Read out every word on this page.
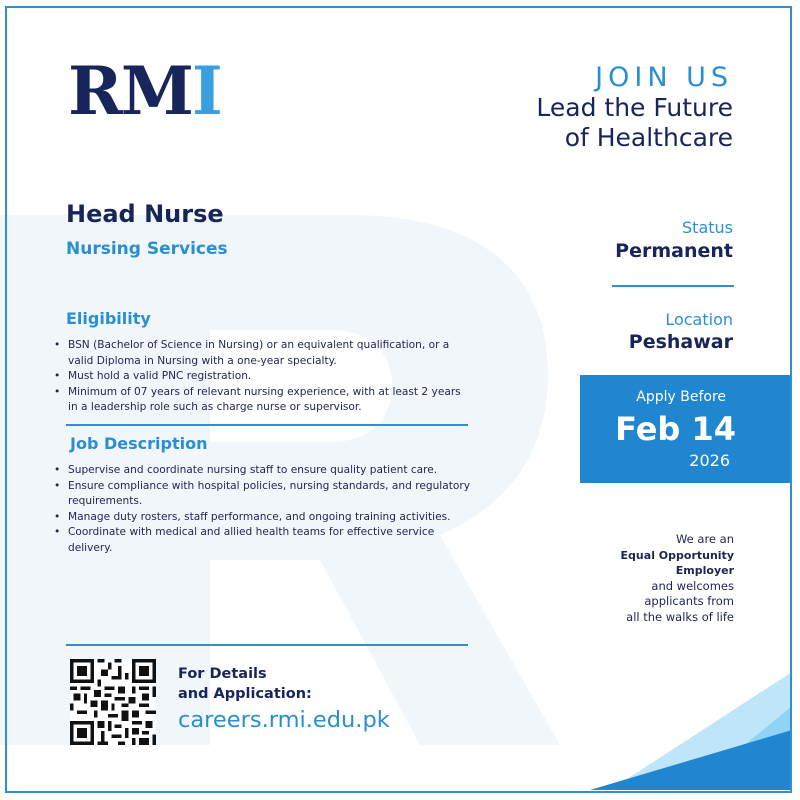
RMI	JOIN US
Lead the Future
of Healthcare
Head Nurse
Nursing Services
Eligibility
• BSN (Bachelor of Science in Nursing) or an equivalent qualification, or a valid Diploma in Nursing with a one-year specialty.
• Must hold a valid PNC registration.
• Minimum of 07 years of relevant nursing experience, with at least 2 years in a leadership role such as charge nurse or supervisor.
Job Description
• Supervise and coordinate nursing staff to ensure quality patient care.
• Ensure compliance with hospital policies, nursing standards, and regulatory requirements.
• Manage duty rosters, staff performance, and ongoing training activities.
• Coordinate with medical and allied health teams for effective service delivery.
Status
Permanent
Location
Peshawar
Apply Before
Feb 14
2026
We are an
Equal Opportunity
Employer
and welcomes
applicants from
all the walks of life
For Details
and Application:
careers.rmi.edu.pk
